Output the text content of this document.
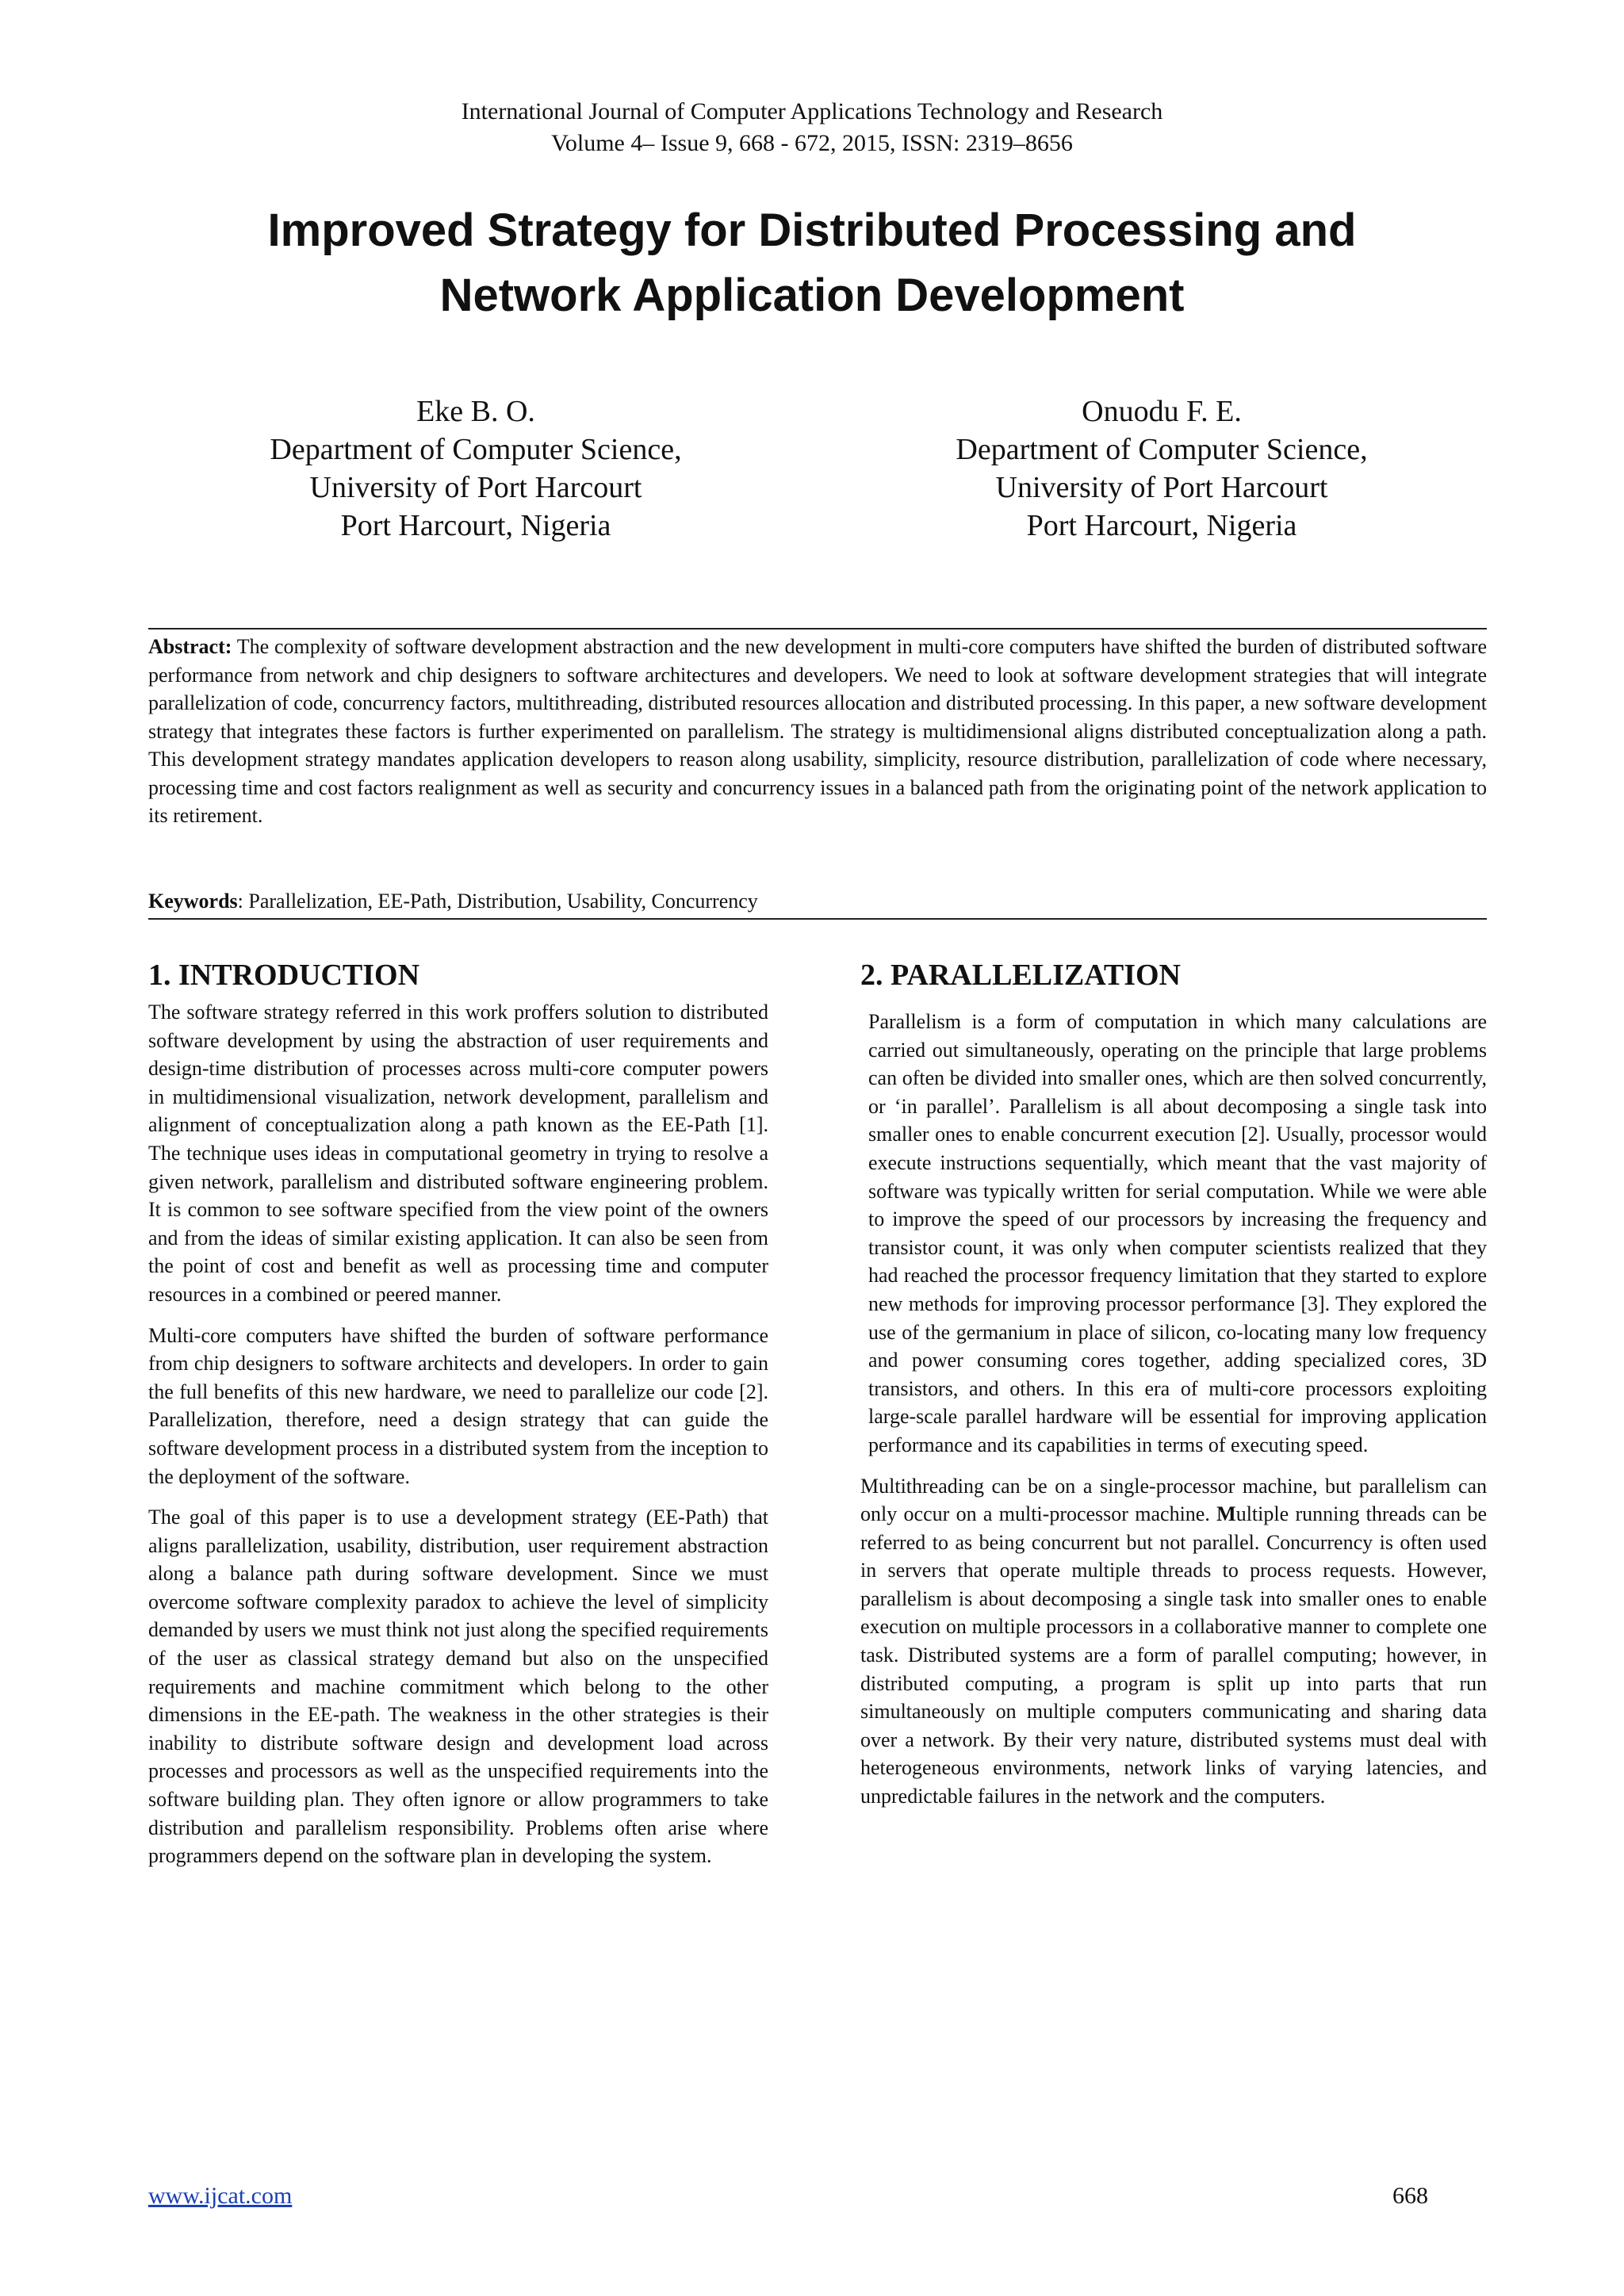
International Journal of Computer Applications Technology and Research
Volume 4– Issue 9, 668 - 672, 2015, ISSN: 2319–8656
Improved Strategy for Distributed Processing and
Network Application Development
Eke B. O.
Department of Computer Science,
University of Port Harcourt
Port Harcourt, Nigeria
Onuodu F. E.
Department of Computer Science,
University of Port Harcourt
Port Harcourt, Nigeria

Abstract: The complexity of software development abstraction and the new development in multi-core computers have shifted the burden of distributed software performance from network and chip designers to software architectures and developers. We need to look at software development strategies that will integrate parallelization of code, concurrency factors, multithreading, distributed resources allocation and distributed processing. In this paper, a new software development strategy that integrates these factors is further experimented on parallelism. The strategy is multidimensional aligns distributed conceptualization along a path. This development strategy mandates application developers to reason along usability, simplicity, resource distribution, parallelization of code where necessary, processing time and cost factors realignment as well as security and concurrency issues in a balanced path from the originating point of the network application to its retirement.

Keywords: Parallelization, EE-Path, Distribution, Usability, Concurrency

1. INTRODUCTION

The software strategy referred in this work proffers solution to distributed software development by using the abstraction of user requirements and design-time distribution of processes across multi-core computer powers in multidimensional visualization, network development, parallelism and alignment of conceptualization along a path known as the EE-Path [1]. The technique uses ideas in computational geometry in trying to resolve a given network, parallelism and distributed software engineering problem. It is common to see software specified from the view point of the owners and from the ideas of similar existing application. It can also be seen from the point of cost and benefit as well as processing time and computer resources in a combined or peered manner.

Multi-core computers have shifted the burden of software performance from chip designers to software architects and developers. In order to gain the full benefits of this new hardware, we need to parallelize our code [2]. Parallelization, therefore, need a design strategy that can guide the software development process in a distributed system from the inception to the deployment of the software.

The goal of this paper is to use a development strategy (EE-Path) that aligns parallelization, usability, distribution, user requirement abstraction along a balance path during software development. Since we must overcome software complexity paradox to achieve the level of simplicity demanded by users we must think not just along the specified requirements of the user as classical strategy demand but also on the unspecified requirements and machine commitment which belong to the other dimensions in the EE-path. The weakness in the other strategies is their inability to distribute software design and development load across processes and processors as well as the unspecified requirements into the software building plan. They often ignore or allow programmers to take distribution and parallelism responsibility. Problems often arise where programmers depend on the software plan in developing the system.

2. PARALLELIZATION

Parallelism is a form of computation in which many calculations are carried out simultaneously, operating on the principle that large problems can often be divided into smaller ones, which are then solved concurrently, or ‘in parallel’. Parallelism is all about decomposing a single task into smaller ones to enable concurrent execution [2]. Usually, processor would execute instructions sequentially, which meant that the vast majority of software was typically written for serial computation. While we were able to improve the speed of our processors by increasing the frequency and transistor count, it was only when computer scientists realized that they had reached the processor frequency limitation that they started to explore new methods for improving processor performance [3]. They explored the use of the germanium in place of silicon, co-locating many low frequency and power consuming cores together, adding specialized cores, 3D transistors, and others. In this era of multi-core processors exploiting large-scale parallel hardware will be essential for improving application performance and its capabilities in terms of executing speed.

Multithreading can be on a single-processor machine, but parallelism can only occur on a multi-processor machine. Multiple running threads can be referred to as being concurrent but not parallel. Concurrency is often used in servers that operate multiple threads to process requests. However, parallelism is about decomposing a single task into smaller ones to enable execution on multiple processors in a collaborative manner to complete one task. Distributed systems are a form of parallel computing; however, in distributed computing, a program is split up into parts that run simultaneously on multiple computers communicating and sharing data over a network. By their very nature, distributed systems must deal with heterogeneous environments, network links of varying latencies, and unpredictable failures in the network and the computers.

www.ijcat.com	668
